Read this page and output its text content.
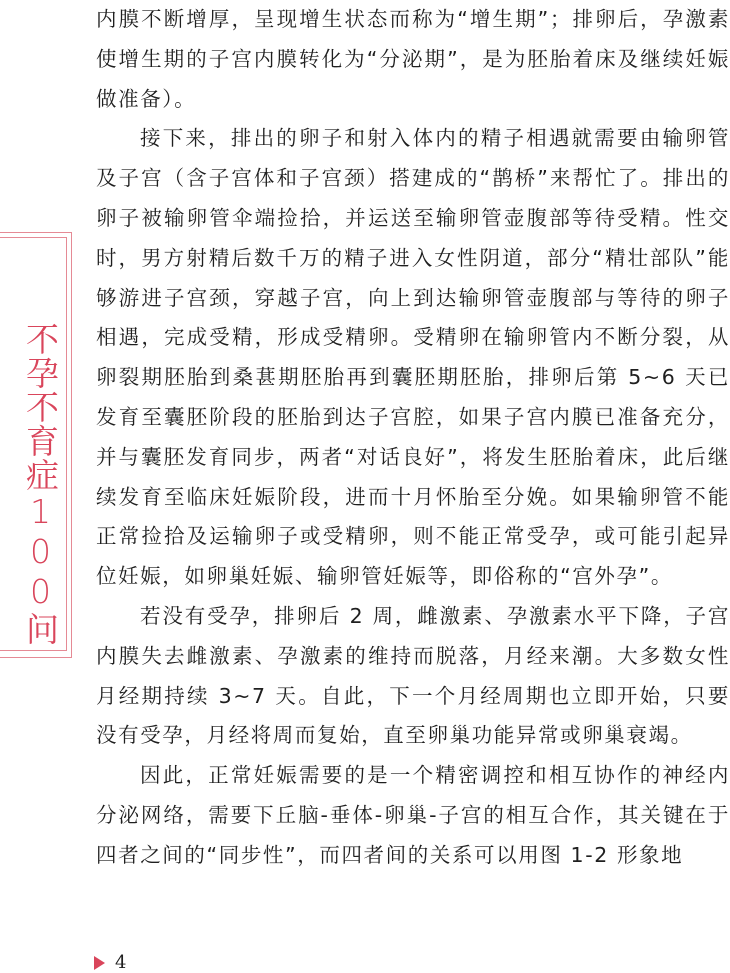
不孕不育症100问

内膜不断增厚，呈现增生状态而称为“增生期”；排卵后，孕激素使增生期的子宫内膜转化为“分泌期”，是为胚胎着床及继续妊娠做准备）。

接下来，排出的卵子和射入体内的精子相遇就需要由输卵管及子宫（含子宫体和子宫颈）搭建成的“鹊桥”来帮忙了。排出的卵子被输卵管伞端捡拾，并运送至输卵管壶腹部等待受精。性交时，男方射精后数千万的精子进入女性阴道，部分“精壮部队”能够游进子宫颈，穿越子宫，向上到达输卵管壶腹部与等待的卵子相遇，完成受精，形成受精卵。受精卵在输卵管内不断分裂，从卵裂期胚胎到桑葚期胚胎再到囊胚期胚胎，排卵后第 5~6 天已发育至囊胚阶段的胚胎到达子宫腔，如果子宫内膜已准备充分，并与囊胚发育同步，两者“对话良好”，将发生胚胎着床，此后继续发育至临床妊娠阶段，进而十月怀胎至分娩。如果输卵管不能正常捡拾及运输卵子或受精卵，则不能正常受孕，或可能引起异位妊娠，如卵巢妊娠、输卵管妊娠等，即俗称的“宫外孕”。

若没有受孕，排卵后 2 周，雌激素、孕激素水平下降，子宫内膜失去雌激素、孕激素的维持而脱落，月经来潮。大多数女性月经期持续 3~7 天。自此，下一个月经周期也立即开始，只要没有受孕，月经将周而复始，直至卵巢功能异常或卵巢衰竭。

因此，正常妊娠需要的是一个精密调控和相互协作的神经内分泌网络，需要下丘脑-垂体-卵巢-子宫的相互合作，其关键在于四者之间的“同步性”，而四者间的关系可以用图 1-2 形象地

4
